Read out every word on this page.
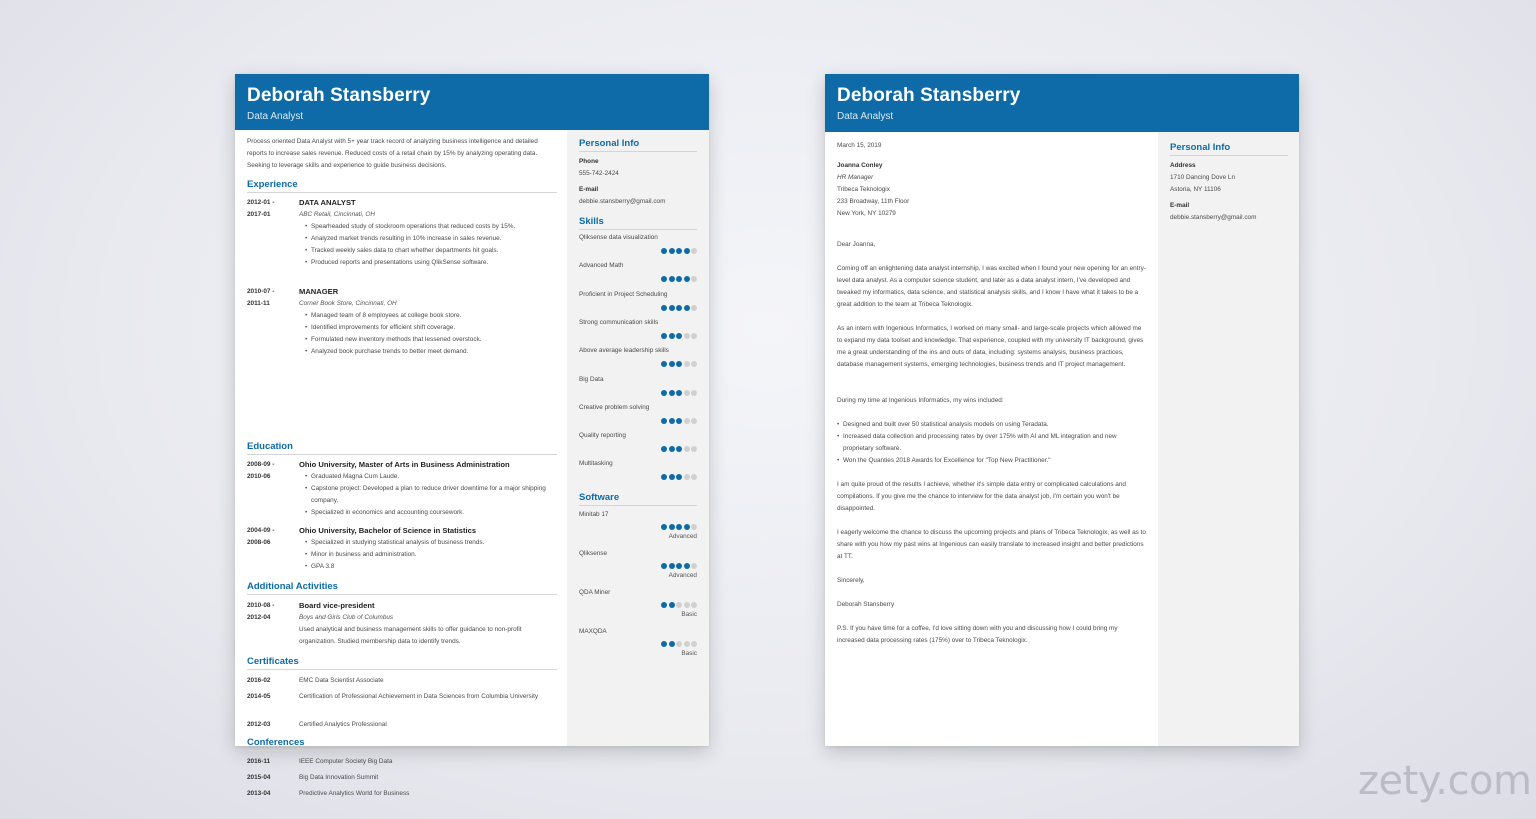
Deborah Stansberry
Data Analyst
Process oriented Data Analyst with 5+ year track record of analyzing business intelligence and detailed reports to increase sales revenue. Reduced costs of a retail chain by 15% by analyzing operating data. Seeking to leverage skills and experience to guide business decisions.
Experience
2012-01 -
2017-01
DATA ANALYST
ABC Retail, Cincinnati, OH
• Spearheaded study of stockroom operations that reduced costs by 15%.
• Analyzed market trends resulting in 10% increase in sales revenue.
• Tracked weekly sales data to chart whether departments hit goals.
• Produced reports and presentations using QlikSense software.
2010-07 -
2011-11
MANAGER
Corner Book Store, Cincinnati, OH
• Managed team of 8 employees at college book store.
• Identified improvements for efficient shift coverage.
• Formulated new inventory methods that lessened overstock.
• Analyzed book purchase trends to better meet demand.
Education
2008-09 -
2010-06
Ohio University, Master of Arts in Business Administration
• Graduated Magna Cum Laude.
• Capstone project: Developed a plan to reduce driver downtime for a major shipping company.
• Specialized in economics and accounting coursework.
2004-09 -
2008-06
Ohio University, Bachelor of Science in Statistics
• Specialized in studying statistical analysis of business trends.
• Minor in business and administration.
• GPA 3.8
Additional Activities
2010-08 -
2012-04
Board vice-president
Boys and Girls Club of Columbus
Used analytical and business management skills to offer guidance to non-profit organization. Studied membership data to identify trends.
Certificates
2016-02	EMC Data Scientist Associate
2014-05	Certification of Professional Achievement in Data Sciences from Columbia University
2012-03	Certified Analytics Professional
Conferences
2016-11	IEEE Computer Society Big Data
2015-04	Big Data Innovation Summit
2013-04	Predictive Analytics World for Business
Personal Info
Phone
555-742-2424
E-mail
debbie.stansberry@gmail.com
Skills
Qliksense data visualization
Advanced Math
Proficient in Project Scheduling
Strong communication skills
Above average leadership skills
Big Data
Creative problem solving
Quality reporting
Multitasking
Software
Minitab 17
Advanced
Qliksense
Advanced
QDA Miner
Basic
MAXQDA
Basic
Deborah Stansberry
Data Analyst
March 15, 2019
Joanna Conley
HR Manager
Tribeca Teknologix
233 Broadway, 11th Floor
New York, NY 10279
Dear Joanna,
Coming off an enlightening data analyst internship, I was excited when I found your new opening for an entry-level data analyst. As a computer science student, and later as a data analyst intern, I've developed and tweaked my informatics, data science, and statistical analysis skills, and I know I have what it takes to be a great addition to the team at Tribeca Teknologix.
As an intern with Ingenious Informatics, I worked on many small- and large-scale projects which allowed me to expand my data toolset and knowledge. That experience, coupled with my university IT background, gives me a great understanding of the ins and outs of data, including: systems analysis, business practices, database management systems, emerging technologies, business trends and IT project management.
During my time at Ingenious Informatics, my wins included:
• Designed and built over 50 statistical analysis models on using Teradata.
• Increased data collection and processing rates by over 175% with AI and ML integration and new proprietary software.
• Won the Quanties 2018 Awards for Excellence for "Top New Practitioner."
I am quite proud of the results I achieve, whether it's simple data entry or complicated calculations and compilations. If you give me the chance to interview for the data analyst job, I'm certain you won't be disappointed.
I eagerly welcome the chance to discuss the upcoming projects and plans of Tribeca Teknologix, as well as to share with you how my past wins at Ingenious can easily translate to increased insight and better predictions at TT.
Sincerely,
Deborah Stansberry
P.S. If you have time for a coffee, I'd love sitting down with you and discussing how I could bring my increased data processing rates (175%) over to Tribeca Teknologix.
Personal Info
Address
1710 Dancing Dove Ln
Astoria, NY 11106
E-mail
debbie.stansberry@gmail.com
zety.com
